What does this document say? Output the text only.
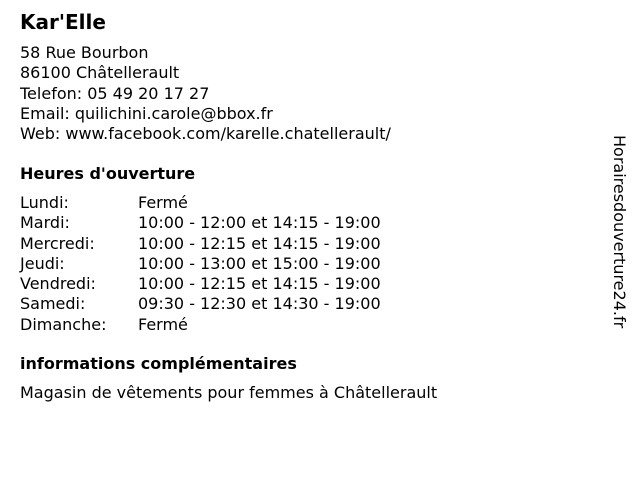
Kar'Elle
58 Rue Bourbon
86100 Châtellerault
Telefon: 05 49 20 17 27
Email: quilichini.carole@bbox.fr
Web: www.facebook.com/karelle.chatellerault/
Heures d'ouverture
Lundi:	Fermé
Mardi:	10:00 - 12:00 et 14:15 - 19:00
Mercredi:	10:00 - 12:15 et 14:15 - 19:00
Jeudi:	10:00 - 13:00 et 15:00 - 19:00
Vendredi:	10:00 - 12:15 et 14:15 - 19:00
Samedi:	09:30 - 12:30 et 14:30 - 19:00
Dimanche:	Fermé
informations complémentaires
Magasin de vêtements pour femmes à Châtellerault
Horairesdouverture24.fr
